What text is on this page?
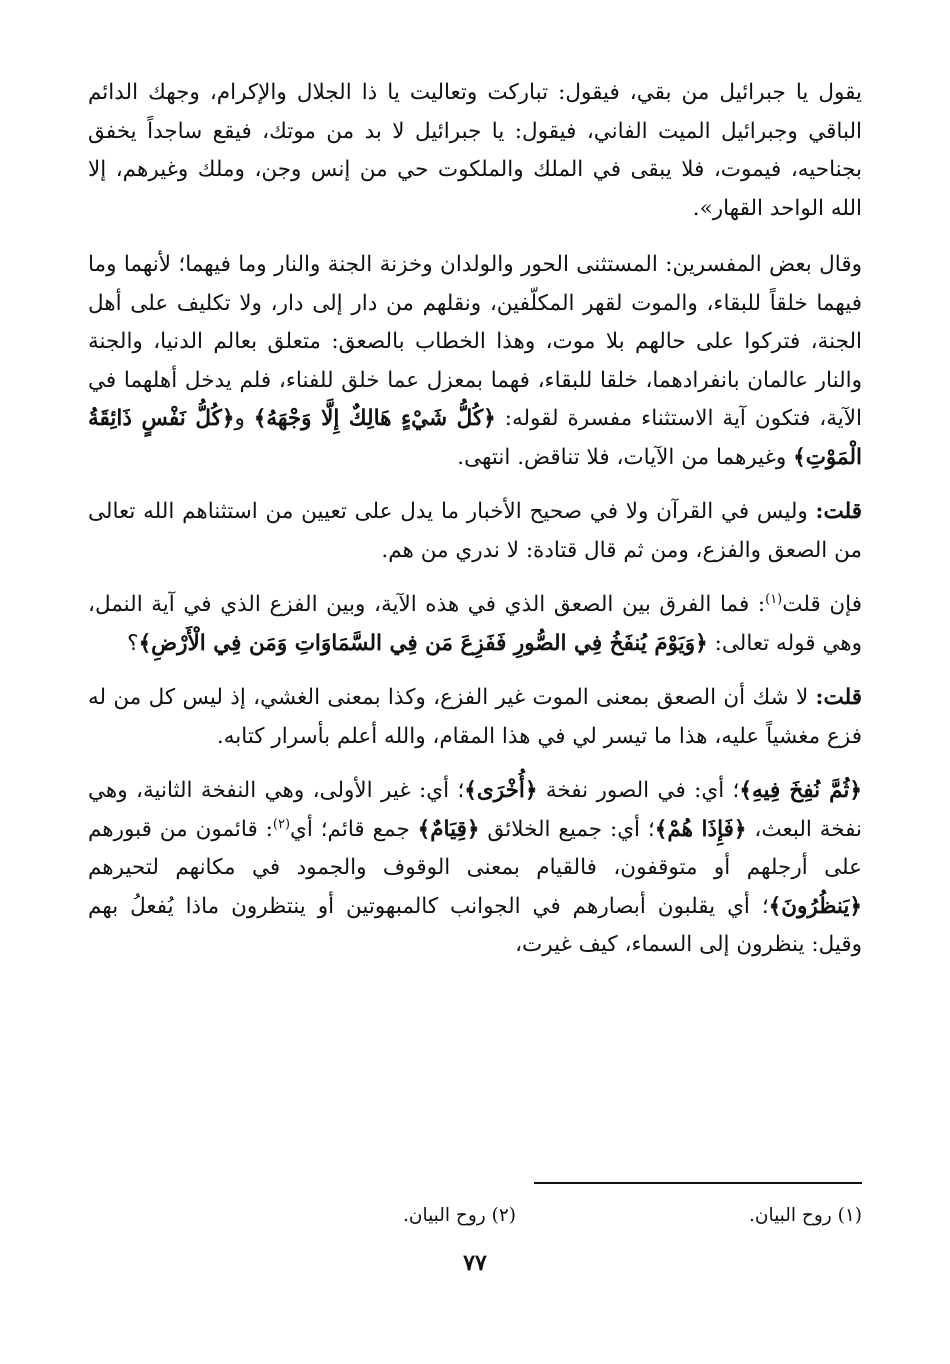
يقول يا جبرائيل من بقي، فيقول: تباركت وتعاليت يا ذا الجلال والإكرام، وجهك الدائم الباقي وجبرائيل الميت الفاني، فيقول: يا جبرائيل لا بد من موتك، فيقع ساجداً يخفق بجناحيه، فيموت، فلا يبقى في الملك والملكوت حي من إنس وجن، وملك وغيرهم، إلا الله الواحد القهار».

وقال بعض المفسرين: المستثنى الحور والولدان وخزنة الجنة والنار وما فيهما؛ لأنهما وما فيهما خلقاً للبقاء، والموت لقهر المكلّفين، ونقلهم من دار إلى دار، ولا تكليف على أهل الجنة، فتركوا على حالهم بلا موت، وهذا الخطاب بالصعق: متعلق بعالم الدنيا، والجنة والنار عالمان بانفرادهما، خلقا للبقاء، فهما بمعزل عما خلق للفناء، فلم يدخل أهلهما في الآية، فتكون آية الاستثناء مفسرة لقوله: ﴿كُلُّ شَيْءٍ هَالِكٌ إِلَّا وَجْهَهُ﴾ و﴿كُلُّ نَفْسٍ ذَائِقَةُ الْمَوْتِ﴾ وغيرهما من الآيات، فلا تناقض. انتهى.

قلت: وليس في القرآن ولا في صحيح الأخبار ما يدل على تعيين من استثناهم الله تعالى من الصعق والفزع، ومن ثم قال قتادة: لا ندري من هم.

فإن قلت$^{(١)}$: فما الفرق بين الصعق الذي في هذه الآية، وبين الفزع الذي في آية النمل، وهي قوله تعالى: ﴿وَيَوْمَ يُنفَخُ فِي الصُّورِ فَفَزِعَ مَن فِي السَّمَاوَاتِ وَمَن فِي الْأَرْضِ﴾؟

قلت: لا شك أن الصعق بمعنى الموت غير الفزع، وكذا بمعنى الغشي، إذ ليس كل من له فزع مغشياً عليه، هذا ما تيسر لي في هذا المقام، والله أعلم بأسرار كتابه.

﴿ثُمَّ نُفِخَ فِيهِ﴾؛ أي: في الصور نفخة ﴿أُخْرَى﴾؛ أي: غير الأولى، وهي النفخة الثانية، وهي نفخة البعث، ﴿فَإِذَا هُمْ﴾؛ أي: جميع الخلائق ﴿قِيَامٌ﴾ جمع قائم؛ أي$^{(٢)}$: قائمون من قبورهم على أرجلهم أو متوقفون، فالقيام بمعنى الوقوف والجمود في مكانهم لتحيرهم ﴿يَنظُرُونَ﴾؛ أي يقلبون أبصارهم في الجوانب كالمبهوتين أو ينتظرون ماذا يُفعلُ بهم وقيل: ينظرون إلى السماء، كيف غيرت،

(١) روح البيان.
(٢) روح البيان.
٧٧
